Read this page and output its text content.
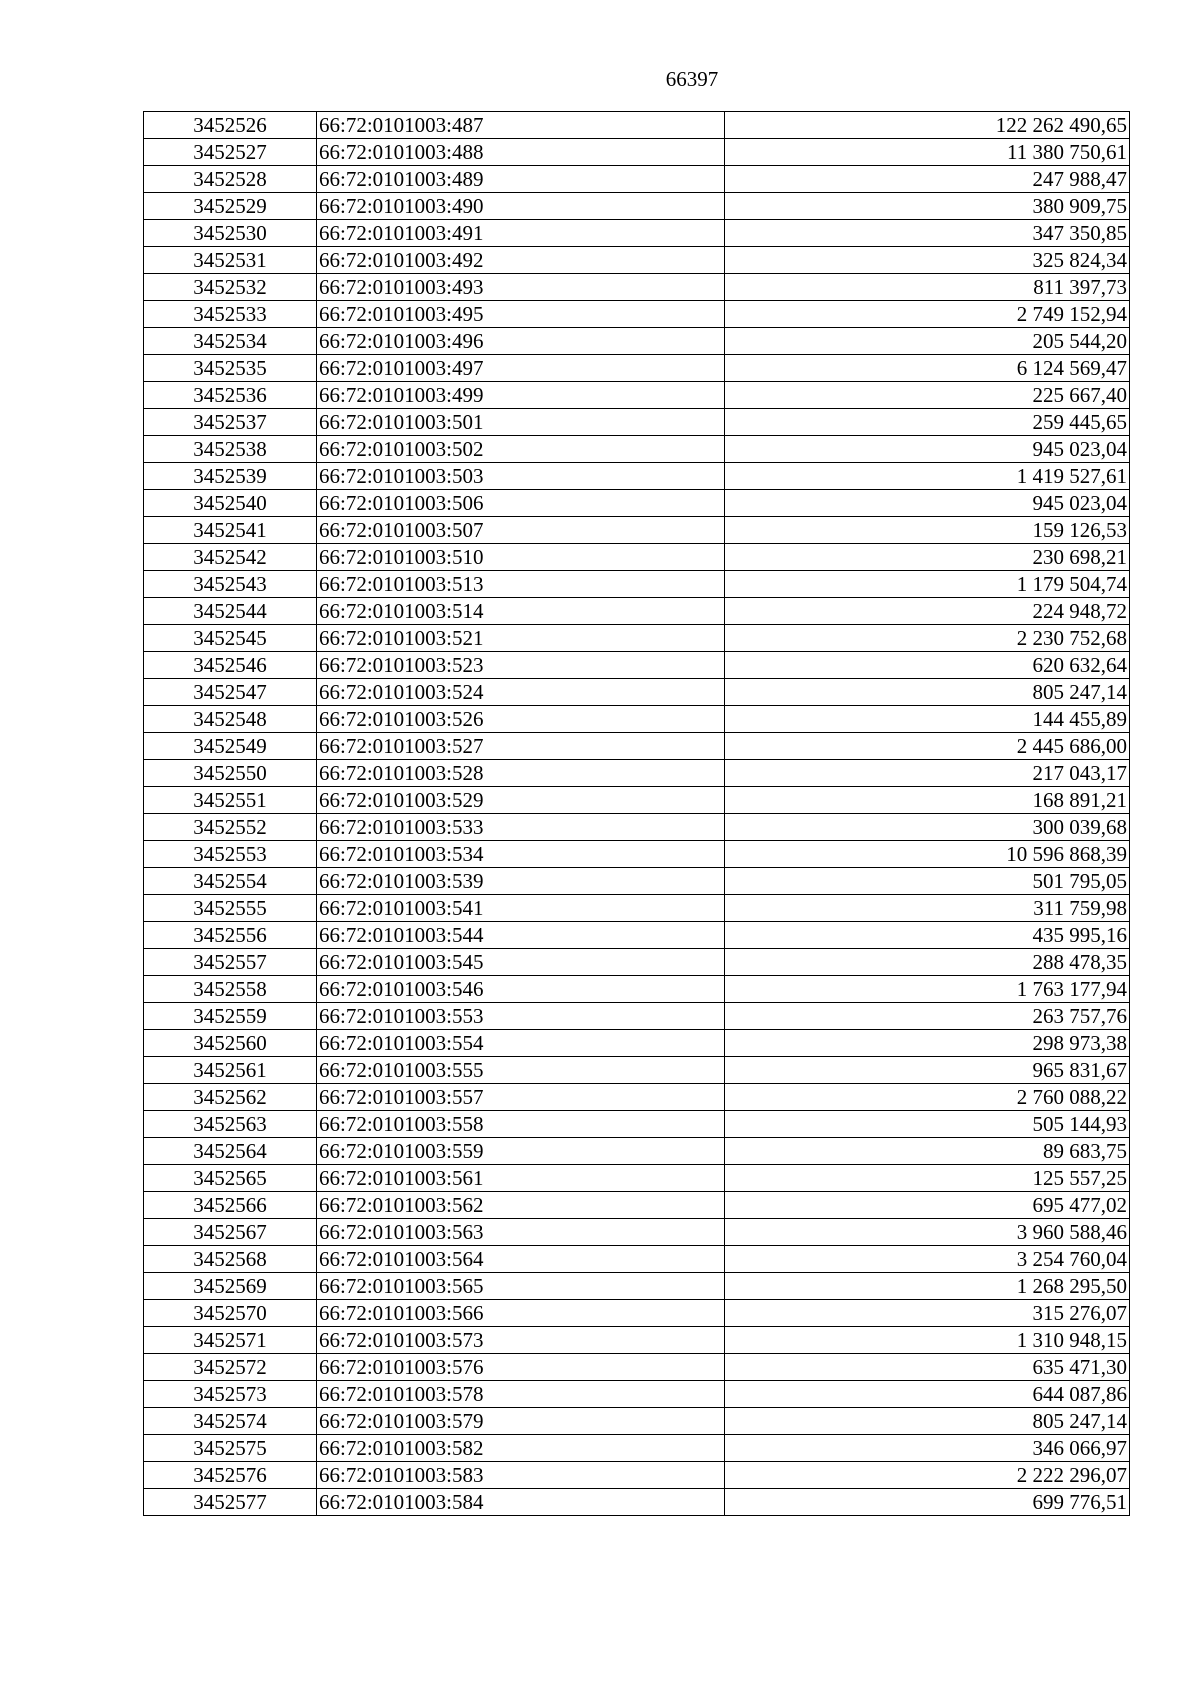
66397
3452526	66:72:0101003:487	122 262 490,65
3452527	66:72:0101003:488	11 380 750,61
3452528	66:72:0101003:489	247 988,47
3452529	66:72:0101003:490	380 909,75
3452530	66:72:0101003:491	347 350,85
3452531	66:72:0101003:492	325 824,34
3452532	66:72:0101003:493	811 397,73
3452533	66:72:0101003:495	2 749 152,94
3452534	66:72:0101003:496	205 544,20
3452535	66:72:0101003:497	6 124 569,47
3452536	66:72:0101003:499	225 667,40
3452537	66:72:0101003:501	259 445,65
3452538	66:72:0101003:502	945 023,04
3452539	66:72:0101003:503	1 419 527,61
3452540	66:72:0101003:506	945 023,04
3452541	66:72:0101003:507	159 126,53
3452542	66:72:0101003:510	230 698,21
3452543	66:72:0101003:513	1 179 504,74
3452544	66:72:0101003:514	224 948,72
3452545	66:72:0101003:521	2 230 752,68
3452546	66:72:0101003:523	620 632,64
3452547	66:72:0101003:524	805 247,14
3452548	66:72:0101003:526	144 455,89
3452549	66:72:0101003:527	2 445 686,00
3452550	66:72:0101003:528	217 043,17
3452551	66:72:0101003:529	168 891,21
3452552	66:72:0101003:533	300 039,68
3452553	66:72:0101003:534	10 596 868,39
3452554	66:72:0101003:539	501 795,05
3452555	66:72:0101003:541	311 759,98
3452556	66:72:0101003:544	435 995,16
3452557	66:72:0101003:545	288 478,35
3452558	66:72:0101003:546	1 763 177,94
3452559	66:72:0101003:553	263 757,76
3452560	66:72:0101003:554	298 973,38
3452561	66:72:0101003:555	965 831,67
3452562	66:72:0101003:557	2 760 088,22
3452563	66:72:0101003:558	505 144,93
3452564	66:72:0101003:559	89 683,75
3452565	66:72:0101003:561	125 557,25
3452566	66:72:0101003:562	695 477,02
3452567	66:72:0101003:563	3 960 588,46
3452568	66:72:0101003:564	3 254 760,04
3452569	66:72:0101003:565	1 268 295,50
3452570	66:72:0101003:566	315 276,07
3452571	66:72:0101003:573	1 310 948,15
3452572	66:72:0101003:576	635 471,30
3452573	66:72:0101003:578	644 087,86
3452574	66:72:0101003:579	805 247,14
3452575	66:72:0101003:582	346 066,97
3452576	66:72:0101003:583	2 222 296,07
3452577	66:72:0101003:584	699 776,51
